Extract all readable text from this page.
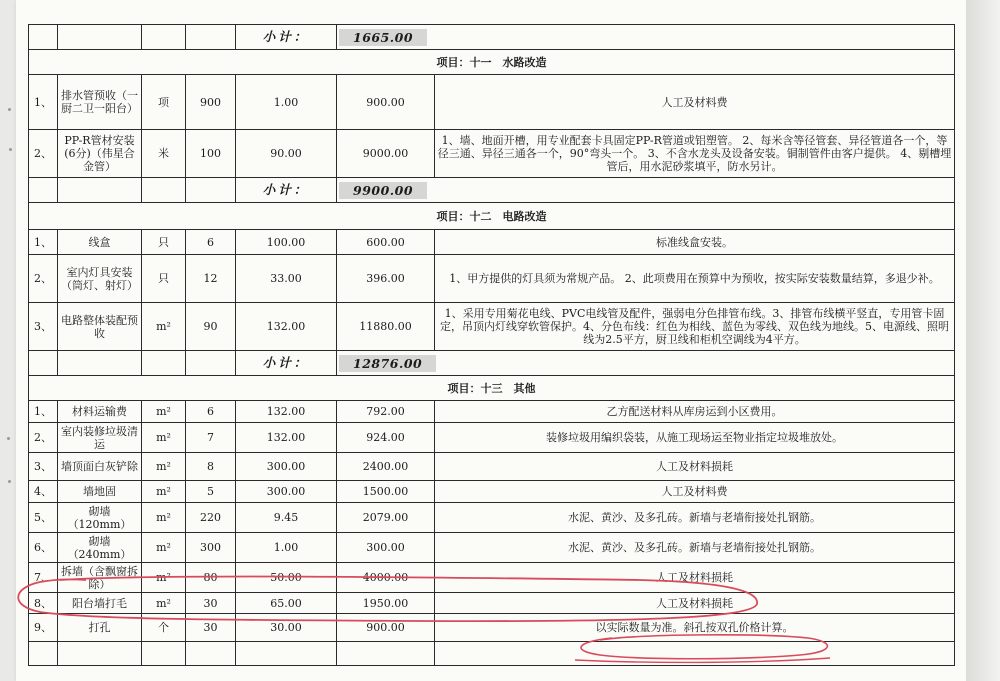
				小计：	1665.00	
项目：十一　水路改造						
1、	排水管预收（一厨二卫一阳台）	项	900	1.00	900.00	人工及材料费
2、	PP-R管材安装(6分)（伟星合金管）	米	100	90.00	9000.00	1、墙、地面开槽，用专业配套卡具固定PP-R管道或铝塑管。 2、每米含等径管套、异径管道各一个，等径三通、异径三通各一个，90°弯头一个。 3、不含水龙头及设备安装。铜制管件由客户提供。 4、剔槽埋管后，用水泥砂浆填平，防水另计。
				小计：	9900.00	
项目：十二　电路改造						
1、	线盒	只	6	100.00	600.00	标准线盒安装。
2、	室内灯具安装（筒灯、射灯）	只	12	33.00	396.00	1、甲方提供的灯具须为常规产品。 2、此项费用在预算中为预收，按实际安装数量结算，多退少补。
3、	电路整体装配预收	m²	90	132.00	11880.00	1、采用专用菊花电线、PVC电线管及配件，强弱电分色排管布线。3、排管布线横平竖直，专用管卡固定，吊顶内灯线穿软管保护。4、分色布线：红色为相线、蓝色为零线、双色线为地线。5、电源线、照明线为2.5平方，厨卫线和柜机空调线为4平方。
				小计：	12876.00	
项目：十三　其他						
1、	材料运输费	m²	6	132.00	792.00	乙方配送材料从库房运到小区费用。
2、	室内装修垃圾清运	m²	7	132.00	924.00	装修垃圾用编织袋装，从施工现场运至物业指定垃圾堆放处。
3、	墙顶面白灰铲除	m²	8	300.00	2400.00	人工及材料损耗
4、	墙地固	m²	5	300.00	1500.00	人工及材料费
5、	砌墙（120mm）	m²	220	9.45	2079.00	水泥、黄沙、及多孔砖。新墙与老墙衔接处扎钢筋。
6、	砌墙（240mm）	m²	300	1.00	300.00	水泥、黄沙、及多孔砖。新墙与老墙衔接处扎钢筋。
7、	拆墙（含飘窗拆除）	m²	80	50.00	4000.00	人工及材料损耗
8、	阳台墙打毛	m²	30	65.00	1950.00	人工及材料损耗
9、	打孔	个	30	30.00	900.00	以实际数量为准。斜孔按双孔价格计算。
